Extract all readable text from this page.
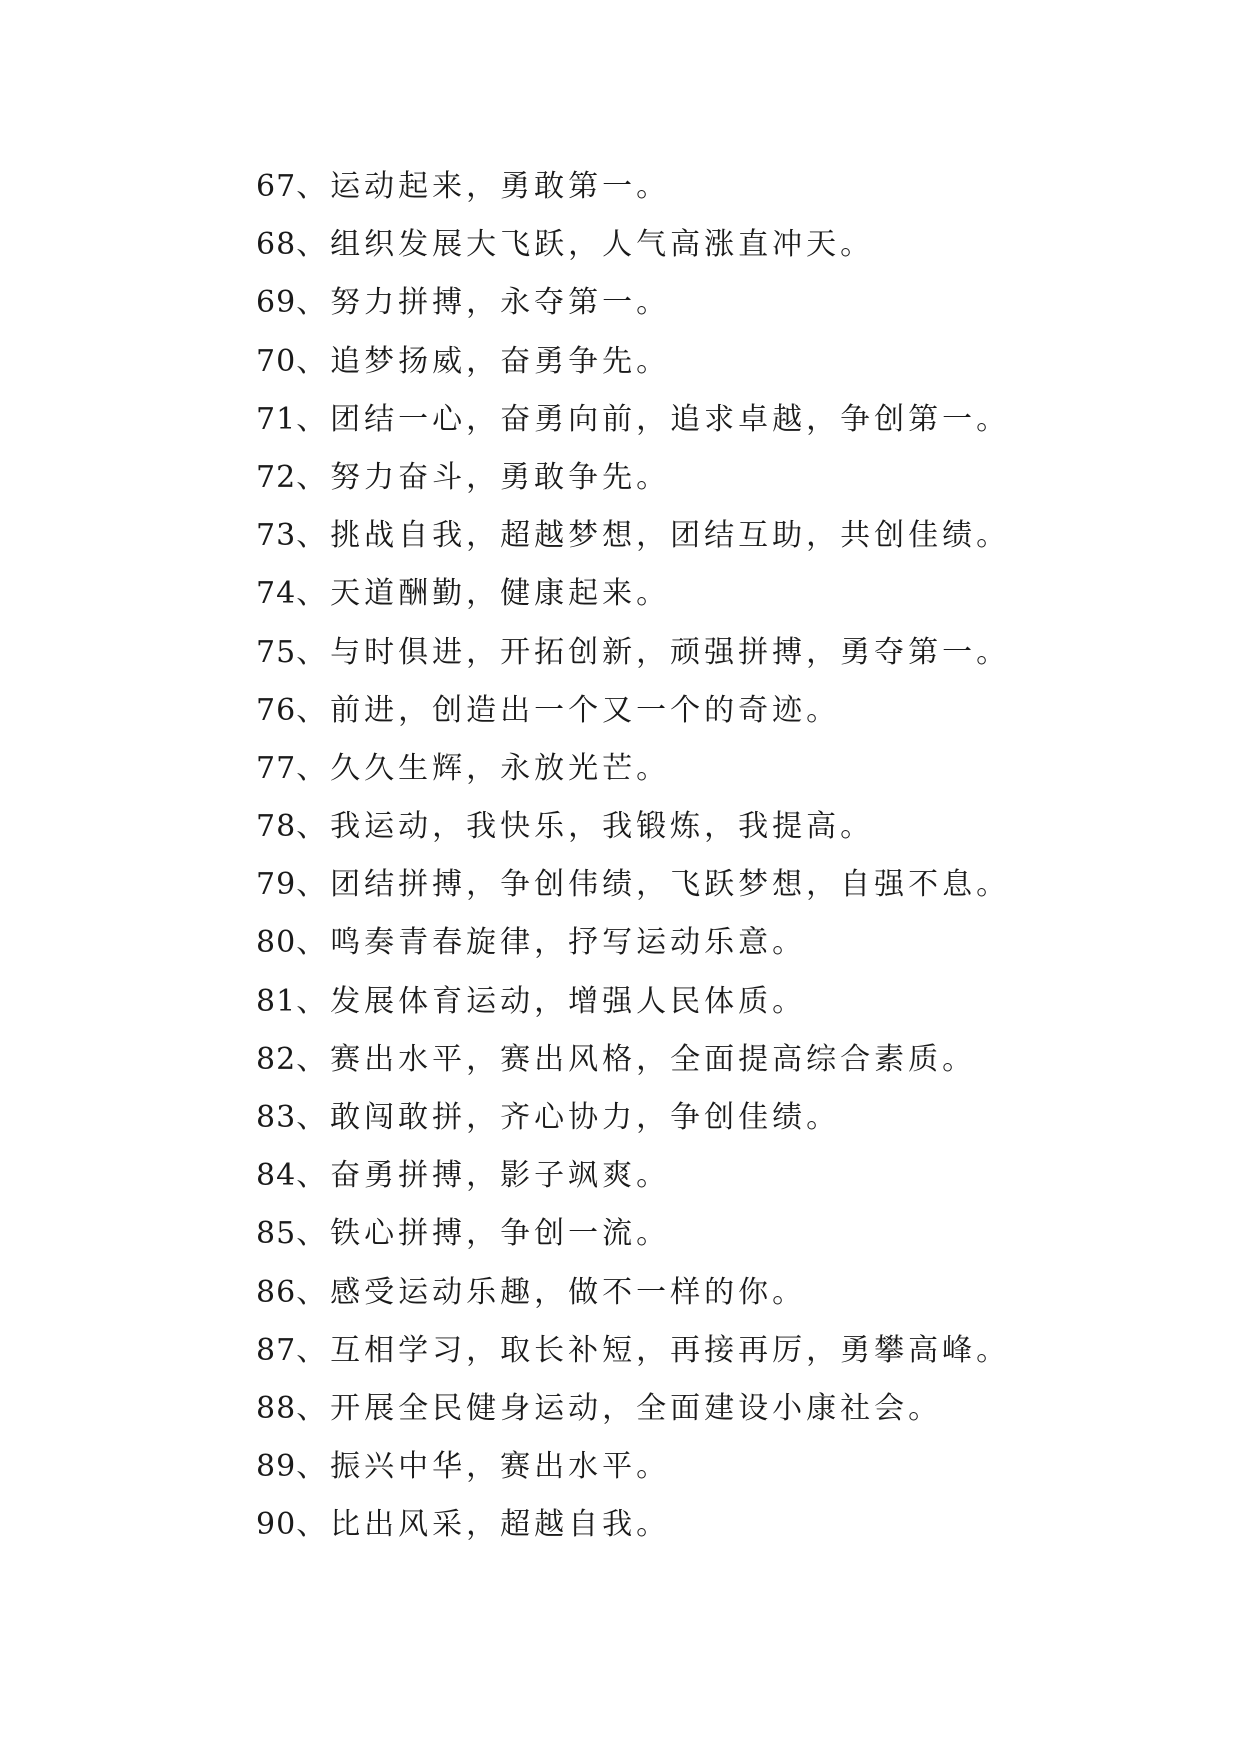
67、运动起来，勇敢第一。
68、组织发展大飞跃，人气高涨直冲天。
69、努力拼搏，永夺第一。
70、追梦扬威，奋勇争先。
71、团结一心，奋勇向前，追求卓越，争创第一。
72、努力奋斗，勇敢争先。
73、挑战自我，超越梦想，团结互助，共创佳绩。
74、天道酬勤，健康起来。
75、与时俱进，开拓创新，顽强拼搏，勇夺第一。
76、前进，创造出一个又一个的奇迹。
77、久久生辉，永放光芒。
78、我运动，我快乐，我锻炼，我提高。
79、团结拼搏，争创伟绩，飞跃梦想，自强不息。
80、鸣奏青春旋律，抒写运动乐意。
81、发展体育运动，增强人民体质。
82、赛出水平，赛出风格，全面提高综合素质。
83、敢闯敢拼，齐心协力，争创佳绩。
84、奋勇拼搏，影子飒爽。
85、铁心拼搏，争创一流。
86、感受运动乐趣，做不一样的你。
87、互相学习，取长补短，再接再厉，勇攀高峰。
88、开展全民健身运动，全面建设小康社会。
89、振兴中华，赛出水平。
90、比出风采，超越自我。
